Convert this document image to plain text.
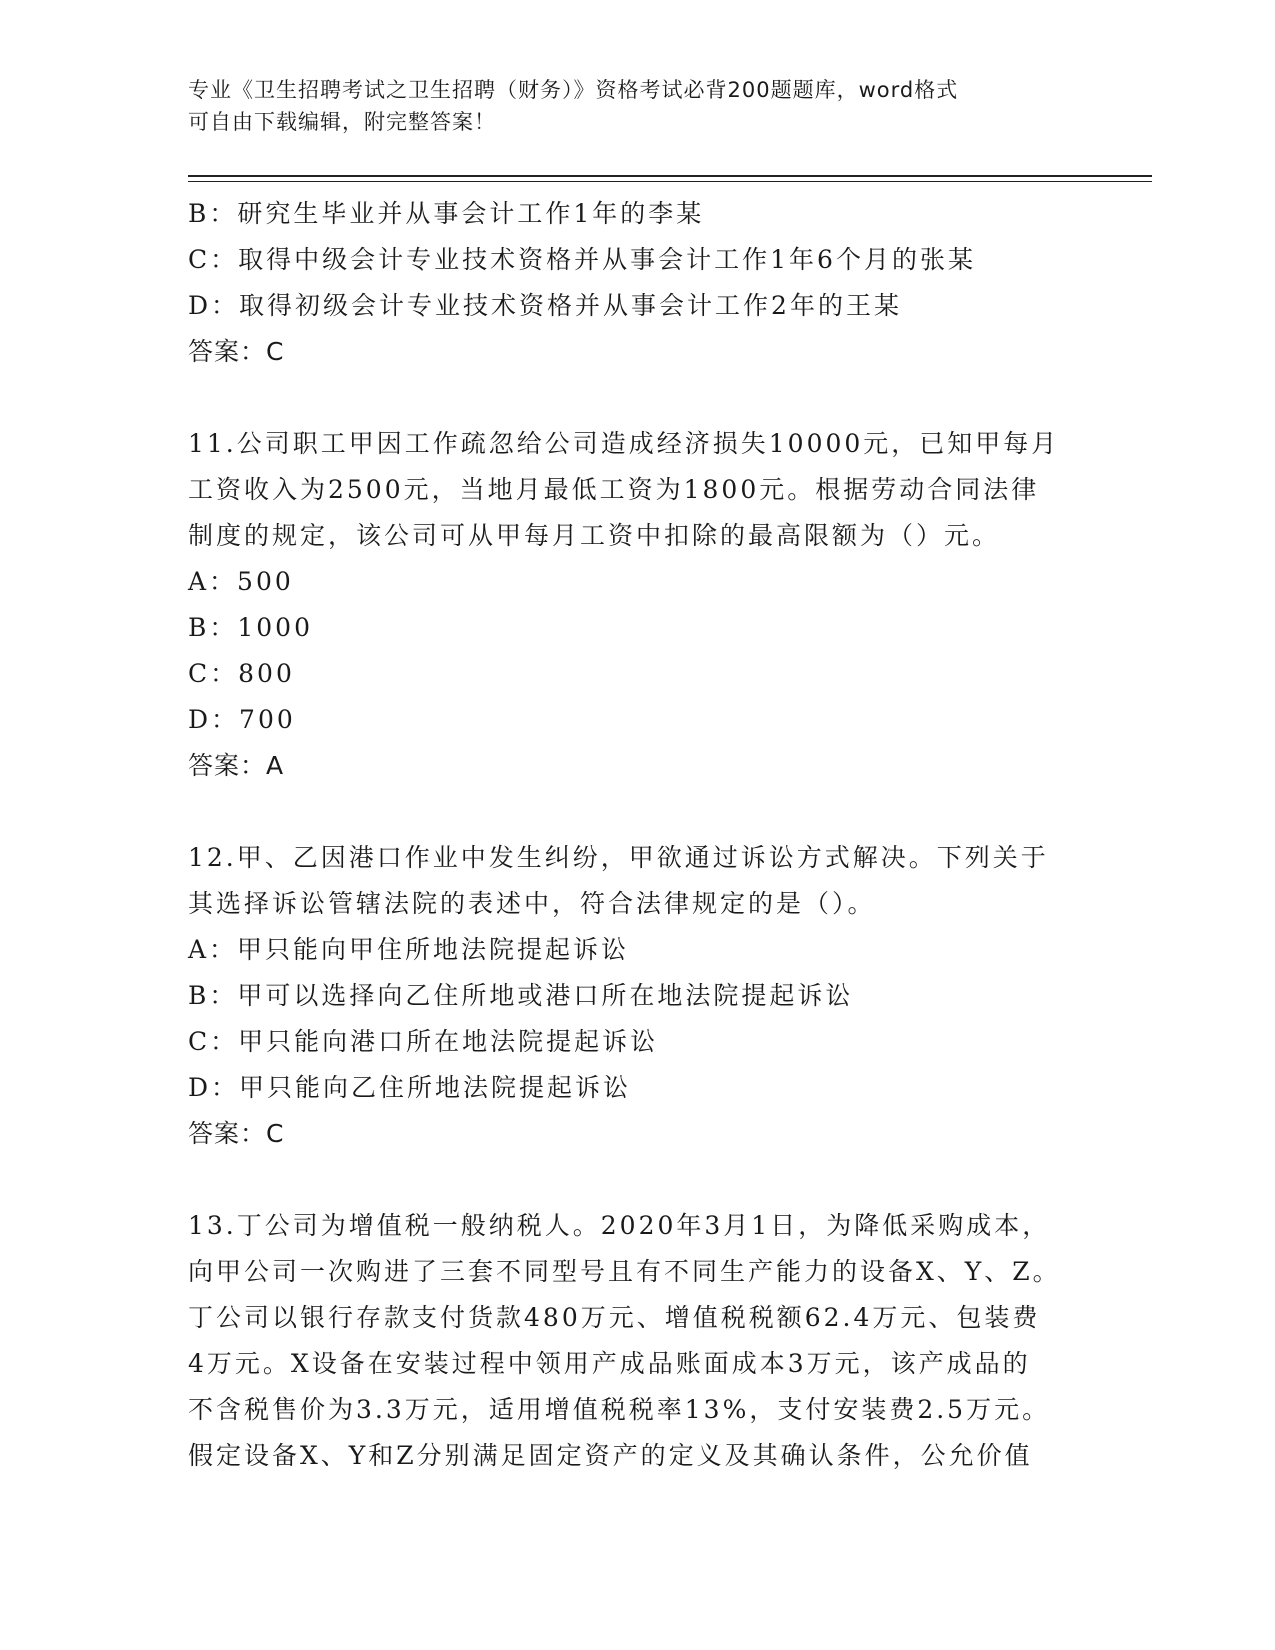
专业《卫生招聘考试之卫生招聘（财务）》资格考试必背200题题库，word格式
可自由下载编辑，附完整答案！

B：研究生毕业并从事会计工作1年的李某

C：取得中级会计专业技术资格并从事会计工作1年6个月的张某

D：取得初级会计专业技术资格并从事会计工作2年的王某

答案：C

11.公司职工甲因工作疏忽给公司造成经济损失10000元，已知甲每月

工资收入为2500元，当地月最低工资为1800元。根据劳动合同法律

制度的规定，该公司可从甲每月工资中扣除的最高限额为（）元。

A：500

B：1000

C：800

D：700

答案：A

12.甲、乙因港口作业中发生纠纷，甲欲通过诉讼方式解决。下列关于

其选择诉讼管辖法院的表述中，符合法律规定的是（）。

A：甲只能向甲住所地法院提起诉讼

B：甲可以选择向乙住所地或港口所在地法院提起诉讼

C：甲只能向港口所在地法院提起诉讼

D：甲只能向乙住所地法院提起诉讼

答案：C

13.丁公司为增值税一般纳税人。2020年3月1日，为降低采购成本，

向甲公司一次购进了三套不同型号且有不同生产能力的设备X、Y、Z。

丁公司以银行存款支付货款480万元、增值税税额62.4万元、包装费

4万元。X设备在安装过程中领用产成品账面成本3万元，该产成品的

不含税售价为3.3万元，适用增值税税率13%，支付安装费2.5万元。

假定设备X、Y和Z分别满足固定资产的定义及其确认条件，公允价值
